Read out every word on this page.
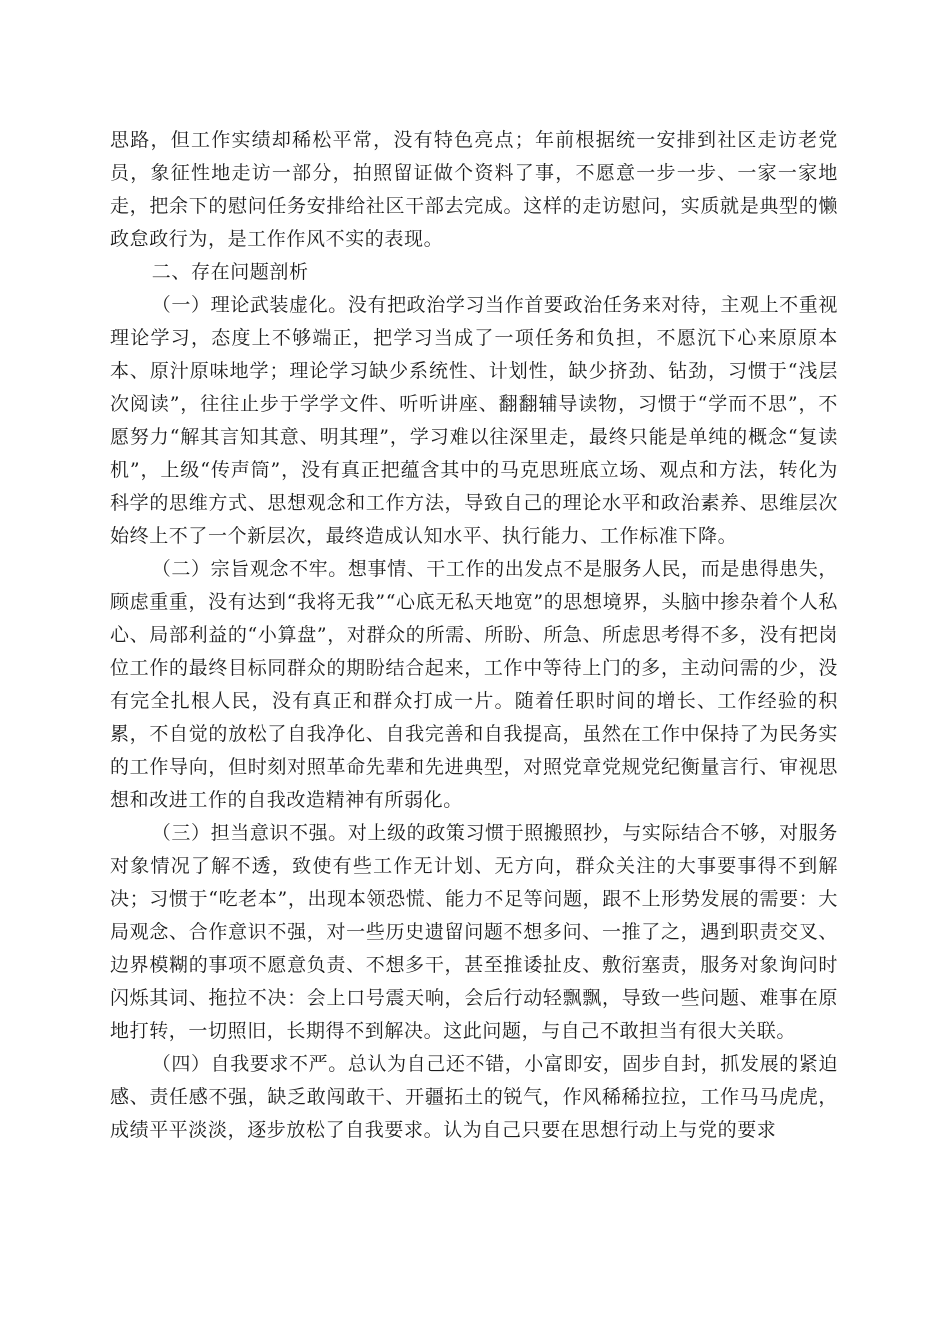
思路，但工作实绩却稀松平常，没有特色亮点；年前根据统一安排到社区走访老党员，象征性地走访一部分，拍照留证做个资料了事，不愿意一步一步、一家一家地走，把余下的慰问任务安排给社区干部去完成。这样的走访慰问，实质就是典型的懒政怠政行为，是工作作风不实的表现。

二、存在问题剖析

（一）理论武装虚化。没有把政治学习当作首要政治任务来对待，主观上不重视理论学习，态度上不够端正，把学习当成了一项任务和负担，不愿沉下心来原原本本、原汁原味地学；理论学习缺少系统性、计划性，缺少挤劲、钻劲，习惯于“浅层次阅读”，往往止步于学学文件、听听讲座、翻翻辅导读物，习惯于“学而不思”，不愿努力“解其言知其意、明其理”，学习难以往深里走，最终只能是单纯的概念“复读机”，上级“传声筒”，没有真正把蕴含其中的马克思班底立场、观点和方法，转化为科学的思维方式、思想观念和工作方法，导致自己的理论水平和政治素养、思维层次始终上不了一个新层次，最终造成认知水平、执行能力、工作标准下降。

（二）宗旨观念不牢。想事情、干工作的出发点不是服务人民，而是患得患失，顾虑重重，没有达到“我将无我”“心底无私天地宽”的思想境界，头脑中掺杂着个人私心、局部利益的“小算盘”，对群众的所需、所盼、所急、所虑思考得不多，没有把岗位工作的最终目标同群众的期盼结合起来，工作中等待上门的多，主动问需的少，没有完全扎根人民，没有真正和群众打成一片。随着任职时间的增长、工作经验的积累，不自觉的放松了自我净化、自我完善和自我提高，虽然在工作中保持了为民务实的工作导向，但时刻对照革命先辈和先进典型，对照党章党规党纪衡量言行、审视思想和改进工作的自我改造精神有所弱化。

（三）担当意识不强。对上级的政策习惯于照搬照抄，与实际结合不够，对服务对象情况了解不透，致使有些工作无计划、无方向，群众关注的大事要事得不到解决；习惯于“吃老本”，出现本领恐慌、能力不足等问题，跟不上形势发展的需要：大局观念、合作意识不强，对一些历史遗留问题不想多问、一推了之，遇到职责交叉、边界模糊的事项不愿意负责、不想多干，甚至推诿扯皮、敷衍塞责，服务对象询问时闪烁其词、拖拉不决：会上口号震天响，会后行动轻飘飘，导致一些问题、难事在原地打转，一切照旧，长期得不到解决。这此问题，与自己不敢担当有很大关联。

（四）自我要求不严。总认为自己还不错，小富即安，固步自封，抓发展的紧迫感、责任感不强，缺乏敢闯敢干、开疆拓土的锐气，作风稀稀拉拉，工作马马虎虎，成绩平平淡淡，逐步放松了自我要求。认为自己只要在思想行动上与党的要求
